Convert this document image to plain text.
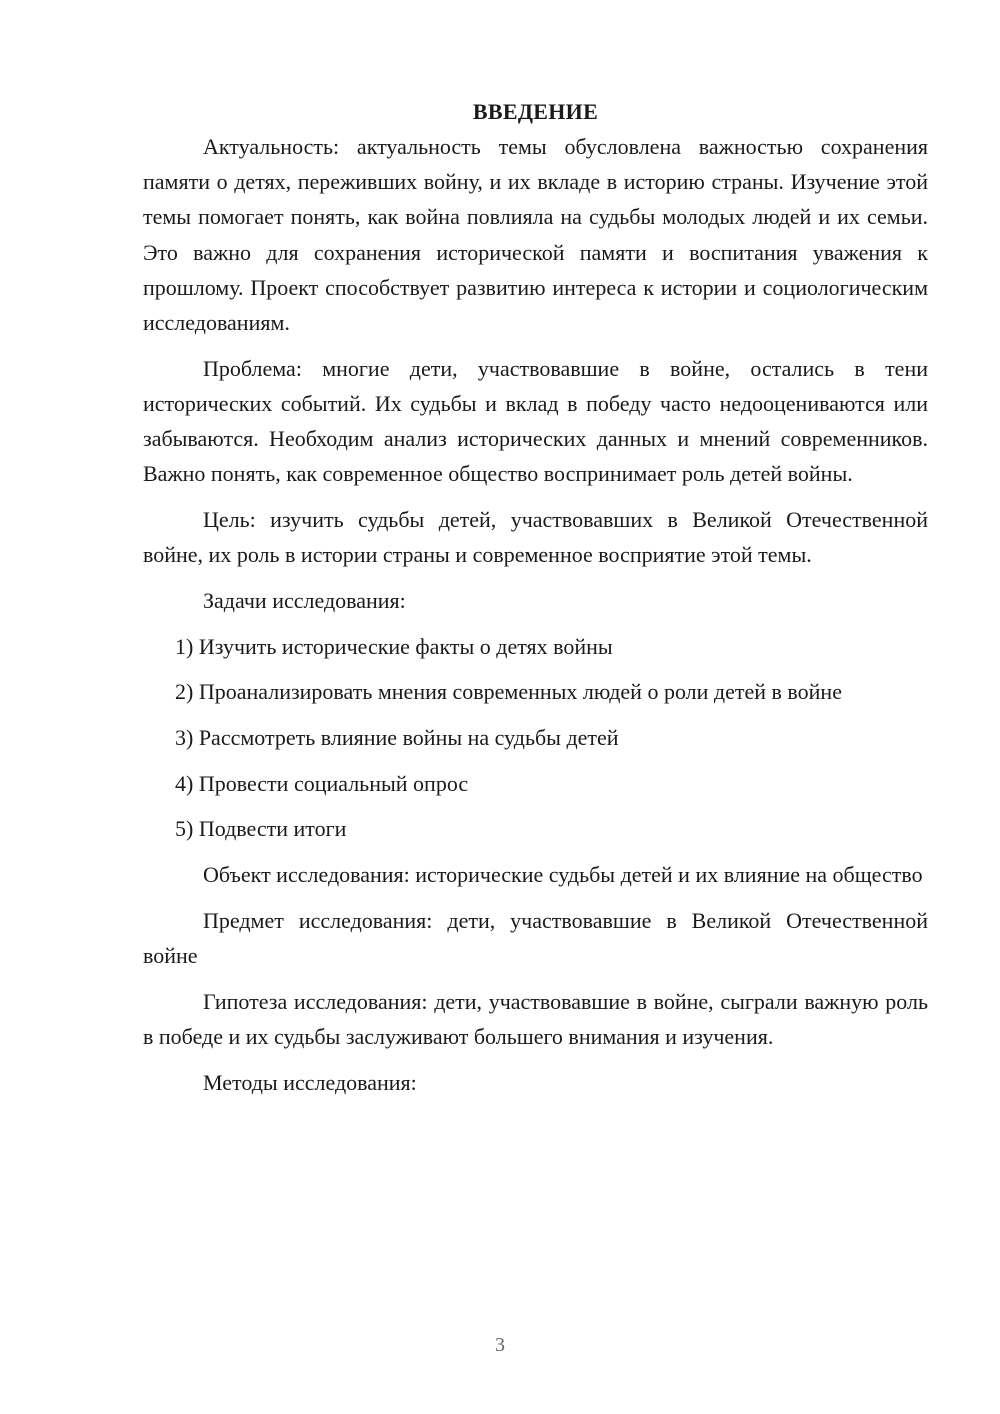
ВВЕДЕНИЕ

Актуальность: актуальность темы обусловлена важностью сохранения памяти о детях, переживших войну, и их вкладе в историю страны. Изучение этой темы помогает понять, как война повлияла на судьбы молодых людей и их семьи. Это важно для сохранения исторической памяти и воспитания уважения к прошлому. Проект способствует развитию интереса к истории и социологическим исследованиям.

Проблема: многие дети, участвовавшие в войне, остались в тени исторических событий. Их судьбы и вклад в победу часто недооцениваются или забываются. Необходим анализ исторических данных и мнений современников. Важно понять, как современное общество воспринимает роль детей войны.

Цель: изучить судьбы детей, участвовавших в Великой Отечественной войне, их роль в истории страны и современное восприятие этой темы.

Задачи исследования:

1) Изучить исторические факты о детях войны

2) Проанализировать мнения современных людей о роли детей в войне

3) Рассмотреть влияние войны на судьбы детей

4) Провести социальный опрос

5) Подвести итоги

Объект исследования: исторические судьбы детей и их влияние на общество

Предмет исследования: дети, участвовавшие в Великой Отечественной войне

Гипотеза исследования: дети, участвовавшие в войне, сыграли важную роль в победе и их судьбы заслуживают большего внимания и изучения.

Методы исследования:

3
